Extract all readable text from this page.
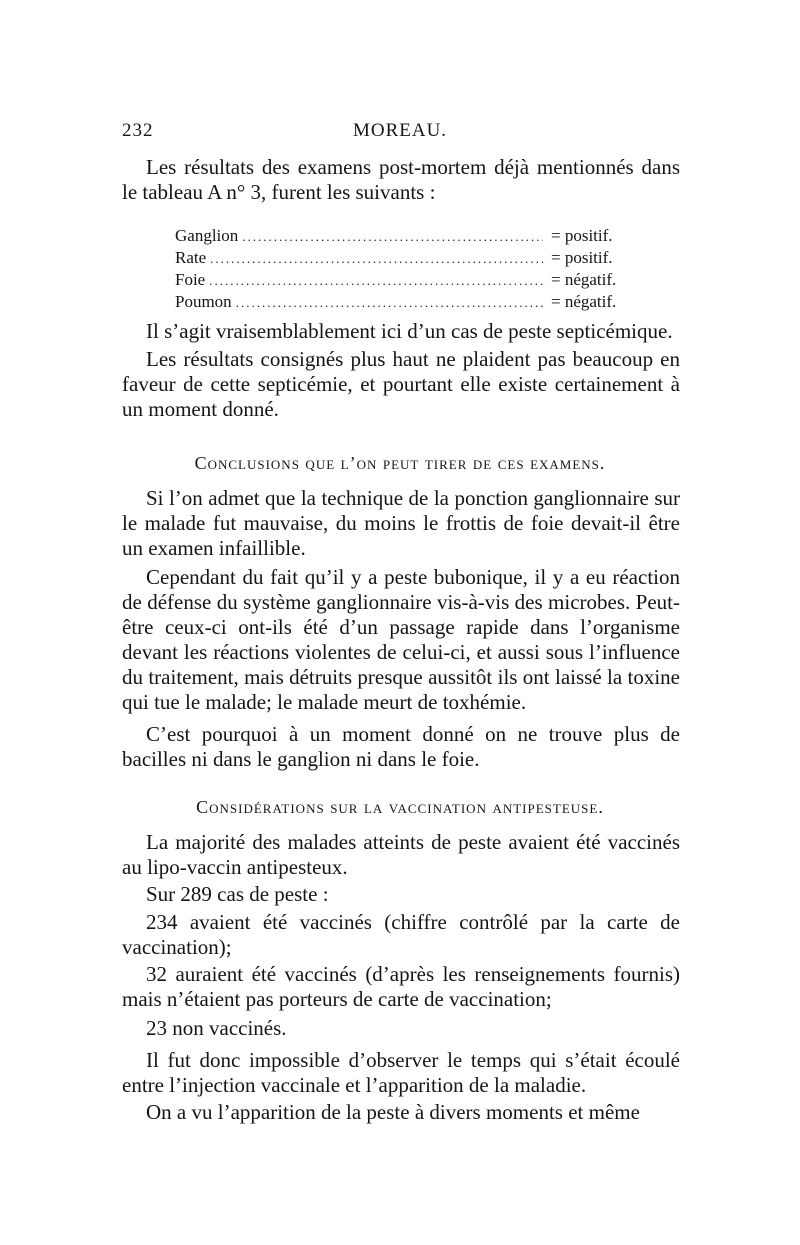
232	MOREAU.

Les résultats des examens post-mortem déjà mentionnés dans le tableau A n° 3, furent les suivants :

Ganglion .....	= positif.
Rate .....	= positif.
Foie .....	= négatif.
Poumon .....	= négatif.

Il s’agit vraisemblablement ici d’un cas de peste septicémique.

Les résultats consignés plus haut ne plaident pas beaucoup en faveur de cette septicémie, et pourtant elle existe certainement à un moment donné.

Conclusions que l’on peut tirer de ces examens.

Si l’on admet que la technique de la ponction ganglionnaire sur le malade fut mauvaise, du moins le frottis de foie devait-il être un examen infaillible.

Cependant du fait qu’il y a peste bubonique, il y a eu réaction de défense du système ganglionnaire vis-à-vis des microbes. Peut-être ceux-ci ont-ils été d’un passage rapide dans l’organisme devant les réactions violentes de celui-ci, et aussi sous l’influence du traitement, mais détruits presque aussitôt ils ont laissé la toxine qui tue le malade; le malade meurt de toxhémie.

C’est pourquoi à un moment donné on ne trouve plus de bacilles ni dans le ganglion ni dans le foie.

Considérations sur la vaccination antipesteuse.

La majorité des malades atteints de peste avaient été vaccinés au lipo-vaccin antipesteux.

Sur 289 cas de peste :

234 avaient été vaccinés (chiffre contrôlé par la carte de vaccination);

32 auraient été vaccinés (d’après les renseignements fournis) mais n’étaient pas porteurs de carte de vaccination;

23 non vaccinés.

Il fut donc impossible d’observer le temps qui s’était écoulé entre l’injection vaccinale et l’apparition de la maladie.

On a vu l’apparition de la peste à divers moments et même
